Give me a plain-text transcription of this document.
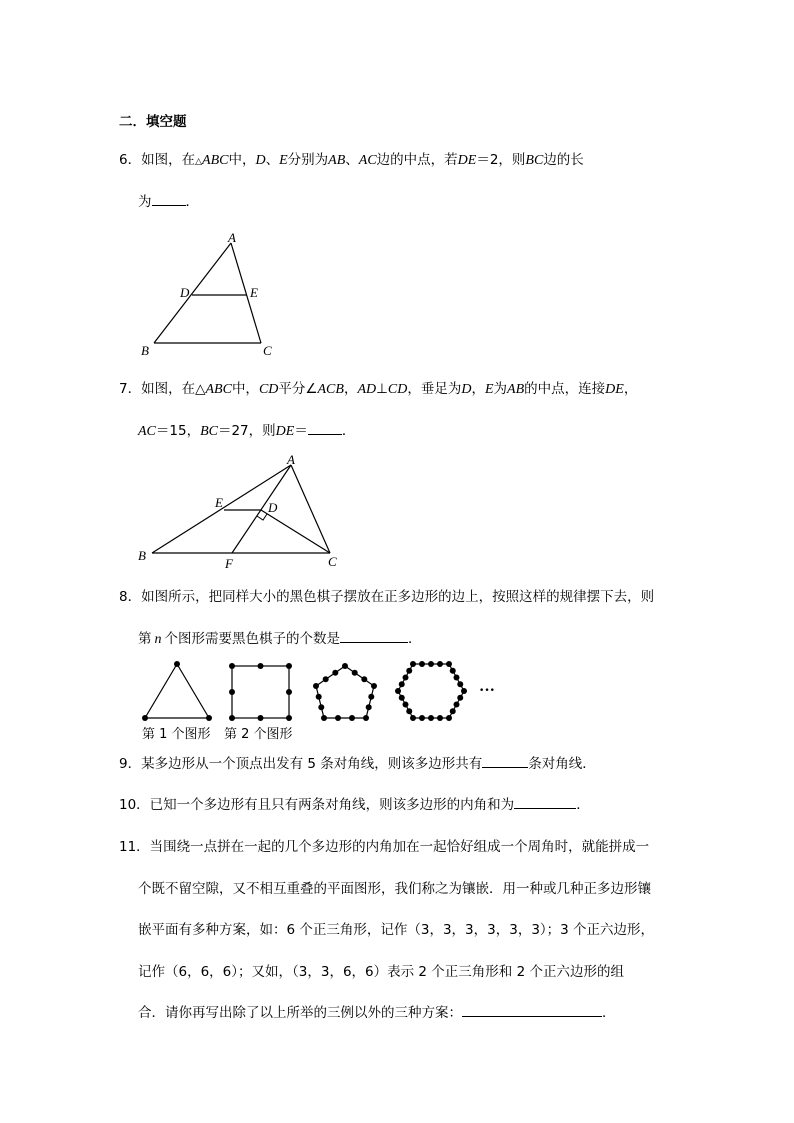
二．填空题
6．如图，在△ABC中，D、E分别为AB、AC边的中点，若DE＝2，则BC边的长
为	．
A
D	E
B	C
7．如图，在△ABC中，CD平分∠ACB，AD⊥CD，垂足为D，E为AB的中点，连接DE，
AC＝15，BC＝27，则DE＝	．
A
E	D
B
F	C
8．如图所示，把同样大小的黑色棋子摆放在正多边形的边上，按照这样的规律摆下去，则
第 n 个图形需要黑色棋子的个数是	．
···
第 1 个图形 第 2 个图形
9．某多边形从一个顶点出发有 5 条对角线，则该多边形共有	条对角线．
10．已知一个多边形有且只有两条对角线，则该多边形的内角和为	．
11．当围绕一点拼在一起的几个多边形的内角加在一起恰好组成一个周角时，就能拼成一
个既不留空隙，又不相互重叠的平面图形，我们称之为镶嵌．用一种或几种正多边形镶
嵌平面有多种方案，如：6 个正三角形，记作（3，3，3，3，3，3）；3 个正六边形，
记作（6，6，6）；又如，（3，3，6，6）表示 2 个正三角形和 2 个正六边形的组
合．请你再写出除了以上所举的三例以外的三种方案：	．
